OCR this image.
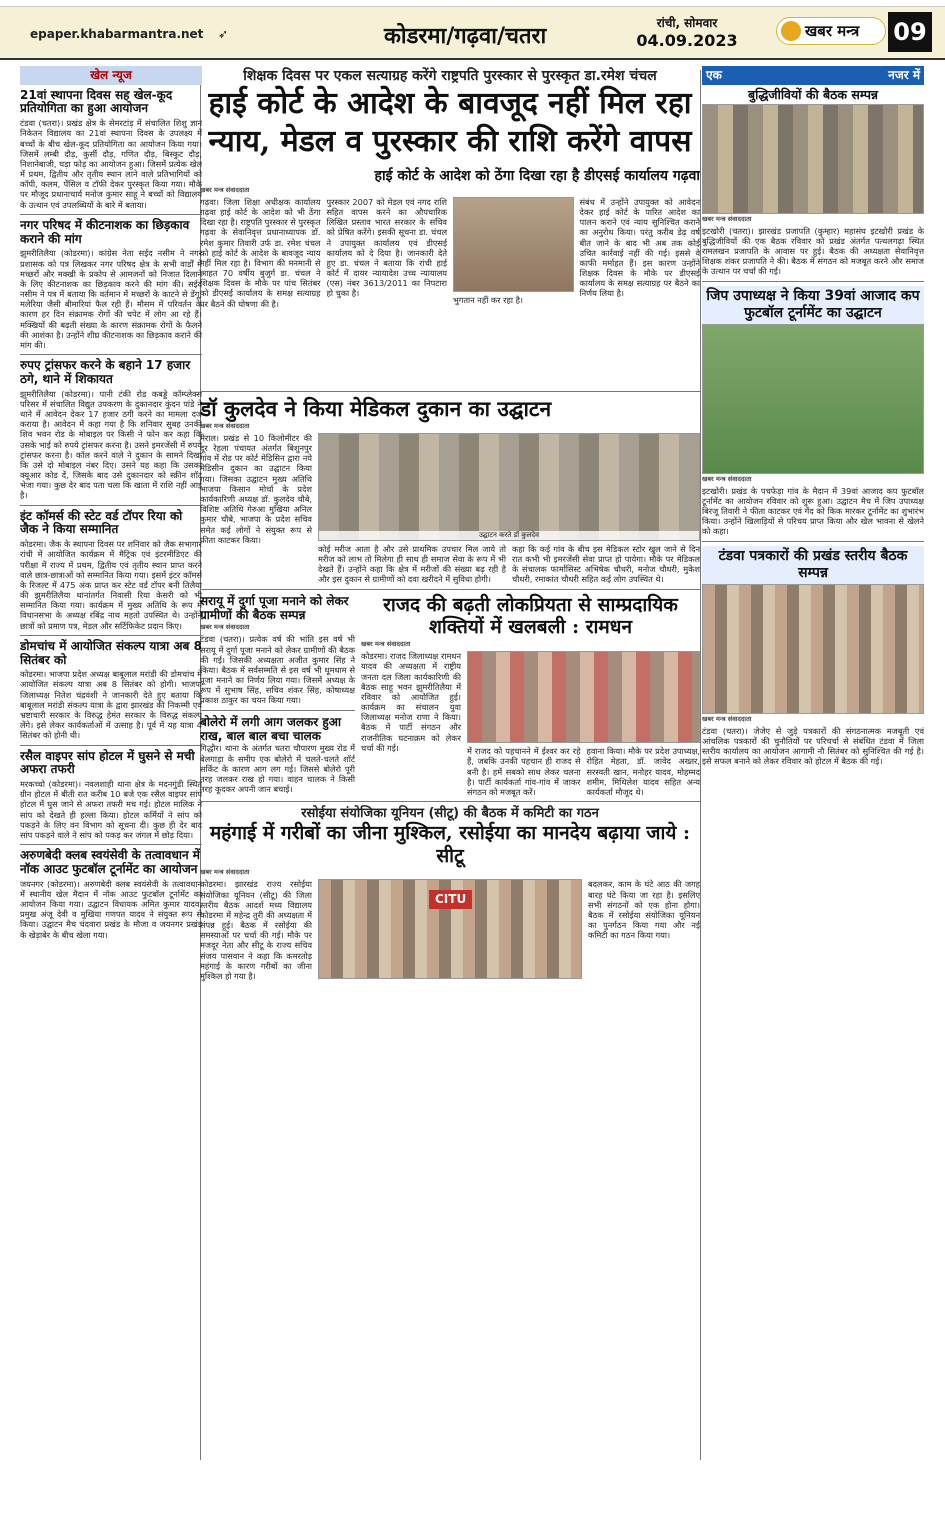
epaper.khabarmantra.net ➶	कोडरमा/गढ़वा/चतरा	रांची, सोमवार
04.09.2023	खबर मन्त्र	09
खेल न्यूज
21वां स्थापना दिवस सह खेल-कूद प्रतियोगिता का हुआ आयोजन

टंडवा (चतरा)। प्रखंड क्षेत्र के सेमरटांड़ में संचालित शिशु ज्ञान निकेतन विद्यालय का 21वां स्थापना दिवस के उपलक्ष्य में बच्चों के बीच खेल-कूद प्रतियोगिता का आयोजन किया गया। जिसमें लम्बी दौड़, कुर्सी दौड़, गणित दौड़, बिस्कुट दौड़, निशानेबाजी, घड़ा फोड़ का आयोजन हुआ। जिसमें प्रत्येक खेल में प्रथम, द्वितीय और तृतीय स्थान लाने वाले प्रतिभागियों को कॉपी, कलम, पेंसिल व टॉफी देकर पुरस्कृत किया गया। मौके पर मौजूद प्रधानाचार्य मनोज कुमार साहू ने बच्चों को विद्यालय के उत्थान एवं उपलब्धियों के बारे में बताया।

नगर परिषद में कीटनाशक का छिड़काव कराने की मांग

झुमरीतिलैया (कोडरमा)। कांग्रेस नेता सईद नसीम ने नगर प्रशासक को पत्र लिखकर नगर परिषद क्षेत्र के सभी वार्डों में मच्छरों और मक्खी के प्रकोप से आमजनों को निजात दिलाने के लिए कीटनाशक का छिड़काव करने की मांग की। सईद नसीम ने पत्र में बताया कि वर्तमान में मच्छरों के काटने से डेंगू, मलेरिया जैसी बीमारियां फैल रही हैं। मौसम में परिवर्तन के कारण हर दिन संक्रामक रोगों की चपेट में लोग आ रहे हैं। मक्खियों की बढ़ती संख्या के कारण संक्रामक रोगों के फैलने की आशंका है। उन्होंने शीघ्र कीटनाशक का छिड़काव कराने की मांग की।

रुपए ट्रांसफर करने के बहाने 17 हजार ठगे, थाने में शिकायत

झुमरीतिलैया (कोडरमा)। पानी टंकी रोड कबड्डे कॉम्प्लेक्स परिसर में संचालित विद्युत उपकरण के दुकानदार कुंदन पांडे ने थाने में आवेदन देकर 17 हजार ठगी करने का मामला दर्ज कराया है। आवेदन में कहा गया है कि शनिवार सुबह उनकी शिव भवन रोड के मोबाइल पर किसी ने फोन कर कहा कि उसके भाई को रुपये ट्रांसफर करना है। उसने इमरजेंसी में रुपये ट्रांसफर करना है। कॉल करने वाले ने दुकान के सामने दिखा कि उसे दो मोबाइल नंबर दिए। उसने यह कहा कि उसका क्यूआर कोड दें, जिसके बाद उसे दुकानदार को स्क्रीन शॉट भेजा गया। कुछ देर बाद पता चला कि खाता में राशि नहीं आई है।

इंट कॉमर्स की स्टेट वर्ड टॉपर रिया को जैक ने किया सम्मानित

कोडरमा। जैक के स्थापना दिवस पर शनिवार को जैक सभागार रांची में आयोजित कार्यक्रम में मैट्रिक एवं इंटरमीडिएट की परीक्षा में राज्य में प्रथम, द्वितीय एवं तृतीय स्थान प्राप्त करने वाले छात्र-छात्राओं को सम्मानित किया गया। इसमें इंटर कॉमर्स के रिजल्ट में 475 अंक प्राप्त कर स्टेट वर्ड टॉपर बनी तिलैया की झुमरीतिलैया थानांतर्गत निवासी रिया केसरी को भी सम्मानित किया गया। कार्यक्रम में मुख्य अतिथि के रूप में विधानसभा के अध्यक्ष रबिंद्र नाथ महतो उपस्थित थे। उन्होंने छात्रों को प्रमाण पत्र, मेडल और सर्टिफिकेट प्रदान किए।

डोमचांच में आयोजित संकल्प यात्रा अब 8 सितंबर को

कोडरमा। भाजपा प्रदेश अध्यक्ष बाबूलाल मरांडी की डोमचांच में आयोजित संकल्प यात्रा अब 8 सितंबर को होगी। भाजपा जिलाध्यक्ष नितेश चंद्रवंशी ने जानकारी देते हुए बताया कि बाबूलाल मरांडी संकल्प यात्रा के द्वारा झारखंड की निकम्मी एवं भ्रष्टाचारी सरकार के विरुद्ध हेमंत सरकार के विरुद्ध संकल्प लेंगे। इसे लेकर कार्यकर्ताओं में उत्साह है। पूर्व में यह यात्रा 4 सितंबर को होनी थी।

रसैल वाइपर सांप होटल में घुसने से मची अफरा तफरी

मरकच्चो (कोडरमा)। नवलशाही थाना क्षेत्र के मदनगुंडी स्थित ग्रीन होटल में बीती रात करीब 10 बजे एक रसैल वाइपर सांप होटल में घुस जाने से अफरा तफरी मच गई। होटल मालिक ने सांप को देखते ही हल्ला किया। होटल कर्मियों ने सांप को पकड़ने के लिए वन विभाग को सूचना दी। कुछ ही देर बाद सांप पकड़ने वाले ने सांप को पकड़ कर जंगल में छोड़ दिया।

अरुणबेदी क्लब स्वयंसेवी के तत्वावधान में नॉक आउट फुटबॉल टूर्नामेंट का आयोजन

जयनगर (कोडरमा)। अरुणबेदी क्लब स्वयंसेवी के तत्वावधान में स्थानीय खेल मैदान में नॉक आउट फुटबॉल टूर्नामेंट का आयोजन किया गया। उद्घाटन विधायक अमित कुमार यादव, प्रमुख अंजू देवी व मुखिया गणपत यादव ने संयुक्त रूप से किया। उद्घाटन मैच चंदवारा प्रखंड के मौजा व जयनगर प्रखंड के खेड़ाबेर के बीच खेला गया।

शिक्षक दिवस पर एकल सत्याग्रह करेंगे राष्ट्रपति पुरस्कार से पुरस्कृत डा.रमेश चंचल
हाई कोर्ट के आदेश के बावजूद नहीं मिल रहा न्याय, मेडल व पुरस्कार की राशि करेंगे वापस
हाई कोर्ट के आदेश को ठेंगा दिखा रहा है डीएसई कार्यालय गढ़वा
खबर मन्त्र संवाददाता

गढ़वा। जिला शिक्षा अधीक्षक कार्यालय गढ़वा हाई कोर्ट के आदेश को भी ठेंगा दिखा रहा है। राष्ट्रपति पुरस्कार से पुरस्कृत गढ़वा के सेवानिवृत्त प्रधानाध्यापक डॉ. रमेश कुमार तिवारी उर्फ डा. रमेश चंचल को हाई कोर्ट के आदेश के बावजूद न्याय नहीं मिल रहा है। विभाग की मनमानी से आहत 70 वर्षीय बुजुर्ग डा. चंचल ने शिक्षक दिवस के मौके पर पांच सितंबर को डीएसई कार्यालय के समक्ष सत्याग्रह पर बैठने की घोषणा की है।

पुरस्कार 2007 को मेडल एवं नगद राशि सहित वापस करने का औपचारिक लिखित प्रस्ताव भारत सरकार के सचिव को प्रेषित करेंगे। इसकी सूचना डा. चंचल ने उपायुक्त कार्यालय एवं डीएसई कार्यालय को दे दिया है। जानकारी देते हुए डा. चंचल ने बताया कि रांची हाई कोर्ट में दायर न्यायादेश उच्च न्यायालय (एस) नंबर 3613/2011 का निपटारा हो चुका है।

भुगतान नहीं कर रहा है।

संबंध में उन्होंने उपायुक्त को आवेदन देकर हाई कोर्ट के पारित आदेश का पालन कराने एवं न्याय सुनिश्चित कराने का अनुरोध किया। परंतु करीब डेढ़ वर्ष बीत जाने के बाद भी अब तक कोई उचित कार्रवाई नहीं की गई। इससे वे काफी मर्माहत हैं। इस कारण उन्होंने शिक्षक दिवस के मौके पर डीएसई कार्यालय के समक्ष सत्याग्रह पर बैठने का निर्णय लिया है।

डॉ कुलदेव ने किया मेडिकल दुकान का उद्घाटन
खबर मन्त्र संवाददाता

मेराल। प्रखंड से 10 किलोमीटर की दूर रेहला पंचायत अंतर्गत बिशुनपुर गांव में रोड पर कोर्ट मेडिसिन द्वारा नये मेडिसीन दुकान का उद्घाटन किया गया। जिसका उद्घाटन मुख्य अतिथि भाजपा किसान मोर्चा के प्रदेश कार्यकारिणी अध्यक्ष डॉ. कुलदेव चौबे, विशिष्ट अतिथि गेरुआ मुखिया अनिल कुमार चौबे, भाजपा के प्रदेश सचिव समेत कई लोगों ने संयुक्त रूप से फीता काटकर किया।	उद्घाटन करते डॉ कुलदेव

कोई मरीज आता है और उसे प्राथमिक उपचार मिल जाये तो मरीज को लाभ तो मिलेगा ही साथ ही समाज सेवा के रूप में भी देखते हैं। उन्होंने कहा कि क्षेत्र में मरीजों की संख्या बढ़ रही है और इस दुकान से ग्रामीणों को दवा खरीदने में सुविधा होगी।

कहा कि कई गांव के बीच इस मेडिकल स्टोर खुल जाने से दिन रात कभी भी इमरजेंसी सेवा प्राप्त हो पायेगा। मौके पर मेडिकल के संचालक फार्मासिस्ट अभिषेक चौधरी, मनोज चौधरी, मुकेश चौधरी, रमाकांत चौधरी सहित कई लोग उपस्थित थे।

सरायू में दुर्गा पूजा मनाने को लेकर ग्रामीणों की बैठक सम्पन्न
खबर मन्त्र संवाददाता

टंडवा (चतरा)। प्रत्येक वर्ष की भांति इस वर्ष भी सरायू में दुर्गा पूजा मनाने को लेकर ग्रामीणों की बैठक की गई। जिसकी अध्यक्षता अजीत कुमार सिंह ने किया। बैठक में सर्वसम्मति से इस वर्ष भी धूमधाम से पूजा मनाने का निर्णय लिया गया। जिसमें अध्यक्ष के रूप में सुभाष सिंह, सचिव शंकर सिंह, कोषाध्यक्ष प्रकाश ठाकुर का चयन किया गया।

बोलेरो में लगी आग जलकर हुआ राख, बाल बाल बचा चालक

गिद्धौर। थाना के अंतर्गत चतरा चौपारण मुख्य रोड में बेलगाड़ा के समीप एक बोलेरो में चलते-चलते शॉर्ट सर्किट के कारण आग लग गई। जिससे बोलेरो पूरी तरह जलकर राख हो गया। वाहन चालक ने किसी तरह कूदकर अपनी जान बचाई।

राजद की बढ़ती लोकप्रियता से साम्प्रदायिक शक्तियों में खलबली : रामधन
खबर मन्त्र संवाददाता

कोडरमा। राजद जिलाध्यक्ष रामधन यादव की अध्यक्षता में राष्ट्रीय जनता दल जिला कार्यकारिणी की बैठक साहू भवन झुमरीतिलैया में रविवार को आयोजित हुई। कार्यक्रम का संचालन युवा जिलाध्यक्ष मनोज राणा ने किया। बैठक में पार्टी संगठन और राजनीतिक घटनाक्रम को लेकर चर्चा की गई।	में राजद को पहचानने में ईश्वर कर रहे हैं, जबकि उनकी पहचान ही राजद से बनी है। हमें सबको साथ लेकर चलना है। पार्टी कार्यकर्ता गांव-गांव में जाकर संगठन को मजबूत करें।

हवाना किया। मौके पर प्रदेश उपाध्यक्ष, रोहित मेहता, डॉ. जावेद अख्तर, सरस्वती खान, मनोहर यादव, मोहम्मद शमीम, मिथिलेश यादव सहित अन्य कार्यकर्ता मौजूद थे।

रसोईया संयोजिका यूनियन (सीटू) की बैठक में कमिटी का गठन
महंगाई में गरीबों का जीना मुश्किल, रसोईया का मानदेय बढ़ाया जाये : सीटू
खबर मन्त्र संवाददाता

कोडरमा। झारखंड राज्य रसोईया संयोजिका यूनियन (सीटू) की जिला स्तरीय बैठक आदर्श मध्य विद्यालय कोडरमा में महेन्द्र तुरी की अध्यक्षता में संपन्न हुई। बैठक में रसोईया की समस्याओं पर चर्चा की गई। मौके पर मजदूर नेता और सीटू के राज्य सचिव संजय पासवान ने कहा कि कमरतोड़ महंगाई के कारण गरीबों का जीना मुश्किल हो गया है।

CITU

बदलकर, काम के घंटे आठ की जगह बारह घंटे किया जा रहा है। इसलिए सभी संगठनों को एक होना होगा। बैठक में रसोईया संयोजिका यूनियन का पुनर्गठन किया गया और नई कमिटी का गठन किया गया।

एक	नजर में
बुद्धिजीवियों की बैठक सम्पन्न
खबर मन्त्र संवाददाता

इटखोरी (चतरा)। झारखंड प्रजापति (कुम्हार) महासंघ इटखोरी प्रखंड के बुद्धिजीवियों की एक बैठक रविवार को प्रखंड अंतर्गत पत्थलगढ़ा स्थित रामलखन प्रजापति के आवास पर हुई। बैठक की अध्यक्षता सेवानिवृत्त शिक्षक शंकर प्रजापति ने की। बैठक में संगठन को मजबूत करने और समाज के उत्थान पर चर्चा की गई।

जिप उपाध्यक्ष ने किया 39वां आजाद कप फुटबॉल टूर्नामेंट का उद्घाटन
खबर मन्त्र संवाददाता

इटखोरी। प्रखंड के पचफेड़ा गांव के मैदान में 39वां आजाद कप फुटबॉल टूर्नामेंट का आयोजन रविवार को शुरू हुआ। उद्घाटन मैच में जिप उपाध्यक्ष बिरजू तिवारी ने फीता काटकर एवं गेंद को किक मारकर टूर्नामेंट का शुभारंभ किया। उन्होंने खिलाड़ियों से परिचय प्राप्त किया और खेल भावना से खेलने को कहा।

टंडवा पत्रकारों की प्रखंड स्तरीय बैठक सम्पन्न
खबर मन्त्र संवाददाता

टंडवा (चतरा)। जेजेए से जुड़े पत्रकारों की संगठनात्मक मजबूती एवं आंचलिक पत्रकारों की चुनौतियों पर परिचर्चा से संबंधित टंडवा में जिला स्तरीय कार्यालय का आयोजन आगामी नौ सितंबर को सुनिश्चित की गई है। इसे सफल बनाने को लेकर रविवार को होटल में बैठक की गई।
